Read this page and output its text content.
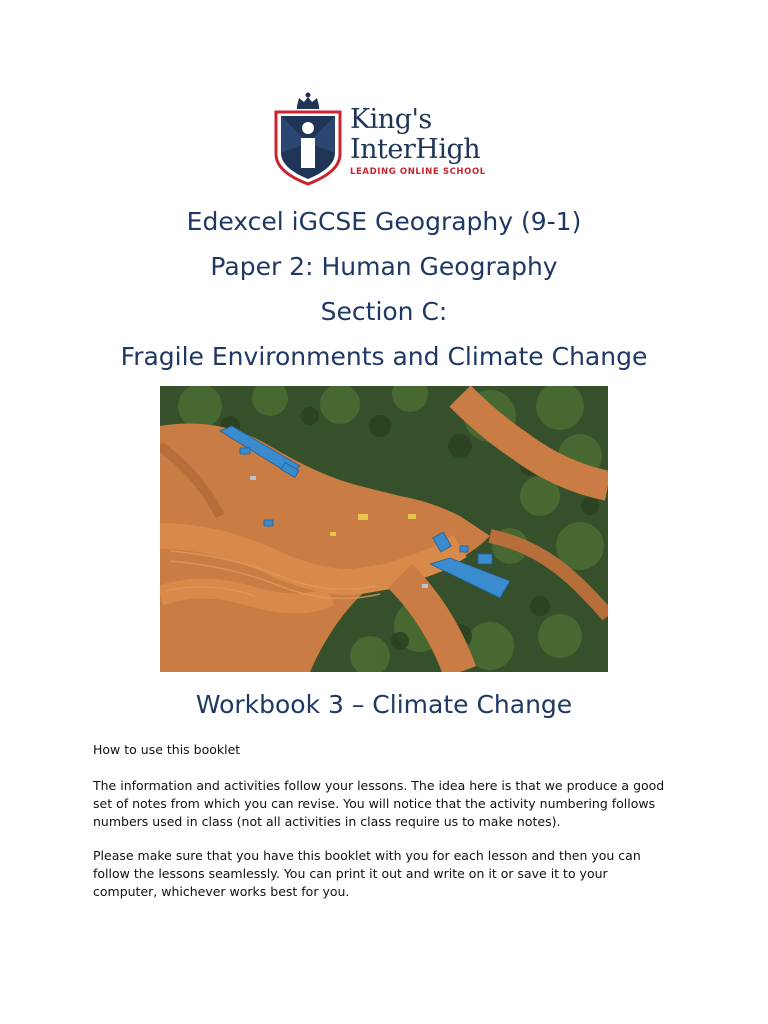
King's
InterHigh
LEADING ONLINE SCHOOL
Edexcel iGCSE Geography (9-1)
Paper 2: Human Geography
Section C:
Fragile Environments and Climate Change
Workbook 3 – Climate Change
How to use this booklet

The information and activities follow your lessons. The idea here is that we produce a good

set of notes from which you can revise. You will notice that the activity numbering follows

numbers used in class (not all activities in class require us to make notes).

Please make sure that you have this booklet with you for each lesson and then you can

follow the lessons seamlessly. You can print it out and write on it or save it to your

computer, whichever works best for you.
